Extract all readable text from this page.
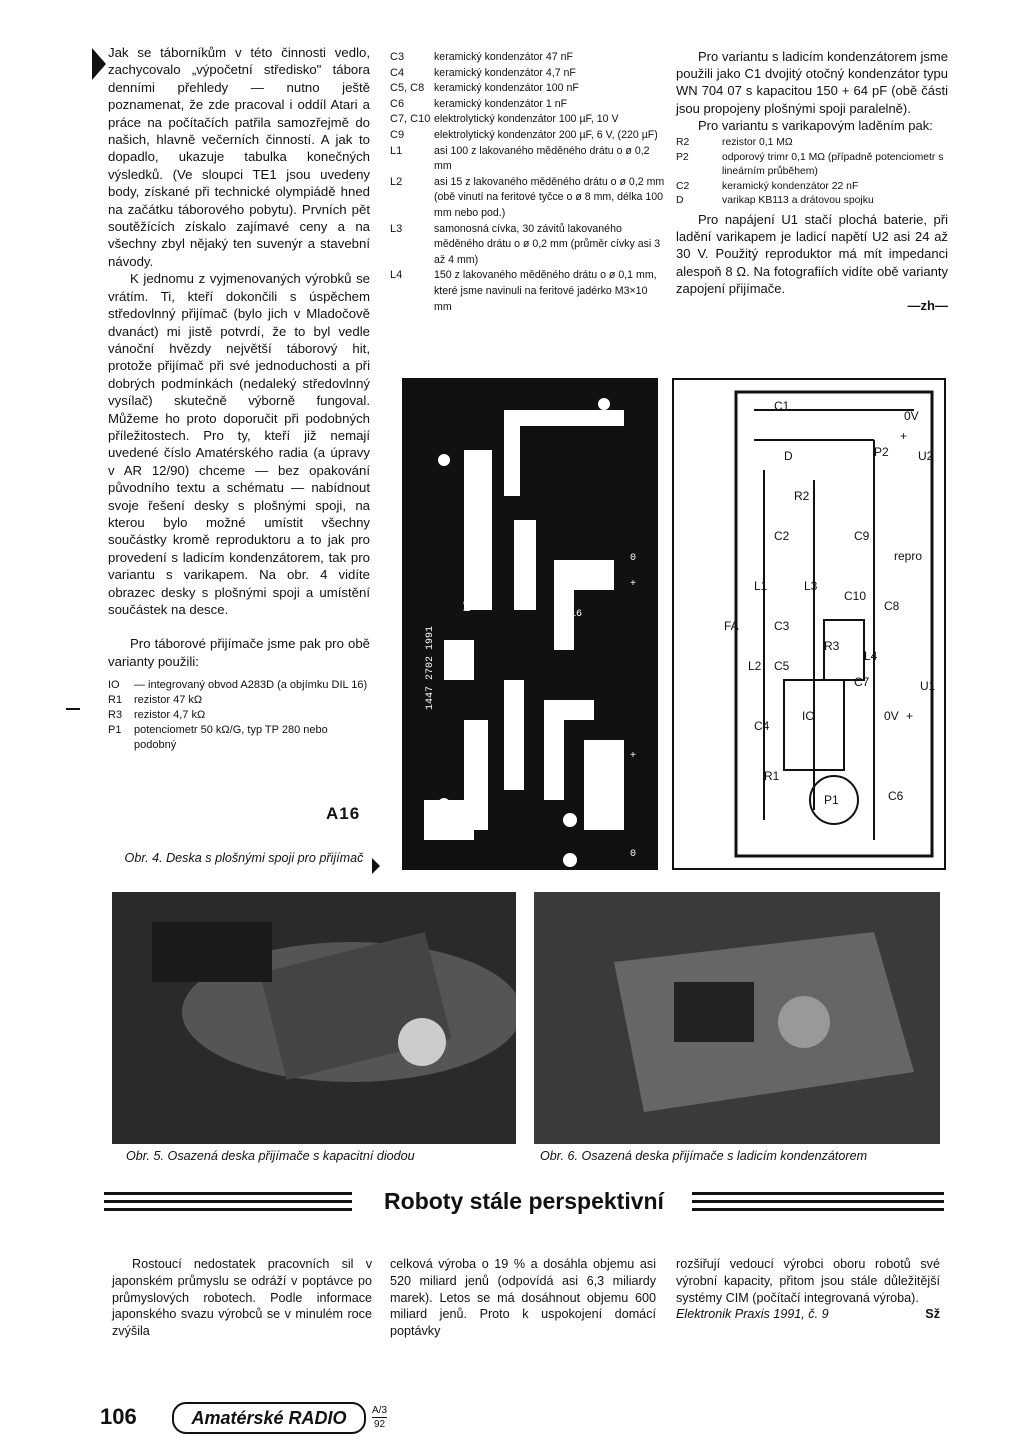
Jak se táborníkům v této činnosti vedlo, zachycovalo „výpočetní středisko" tábora denními přehledy — nutno ještě poznamenat, že zde pracoval i oddíl Atari a práce na počítačích patřila samozřejmě do našich, hlavně večerních činností. A jak to dopadlo, ukazuje tabulka konečných výsledků. (Ve sloupci TE1 jsou uvedeny body, získané při technické olympiádě hned na začátku táborového pobytu). Prvních pět soutěžících získalo zajímavé ceny a na všechny zbyl nějaký ten suvenýr a stavební návody.

K jednomu z vyjmenovaných výrobků se vrátím. Ti, kteří dokončili s úspěchem středovlnný přijímač (bylo jich v Mladočově dvanáct) mi jistě potvrdí, že to byl vedle vánoční hvězdy největší táborový hit, protože přijímač při své jednoduchosti a při dobrých podmínkách (nedaleký středovlnný vysílač) skutečně výborně fungoval. Můžeme ho proto doporučit při podobných příležitostech. Pro ty, kteří již nemají uvedené číslo Amatérského radia (a úpravy v AR 12/90) chceme — bez opakování původního textu a schématu — nabídnout svoje řešení desky s plošnými spoji, na kterou bylo možné umístit všechny součástky kromě reproduktoru a to jak pro provedení s ladicím kondenzátorem, tak pro variantu s varikapem. Na obr. 4 vidíte obrazec desky s plošnými spoji a umístění součástek na desce.

Pro táborové přijímače jsme pak pro obě varianty použili:

IO	— integrovaný obvod A283D (a objímku DIL 16)
R1	rezistor 47 kΩ
R3	rezistor 4,7 kΩ
P1	potenciometr 50 kΩ/G, typ TP 280 nebo podobný
A16
Obr. 4. Deska s plošnými spoji pro přijímač
C3	keramický kondenzátor 47 nF
C4	keramický kondenzátor 4,7 nF
C5, C8	keramický kondenzátor 100 nF
C6	keramický kondenzátor 1 nF
C7, C10	elektrolytický kondenzátor 100 µF, 10 V
C9	elektrolytický kondenzátor 200 µF, 6 V, (220 µF)
L1	asi 100 z lakovaného měděného drátu o ø 0,2 mm
L2	asi 15 z lakovaného měděného drátu o ø 0,2 mm (obě vinutí na feritové tyčce o ø 8 mm, délka 100 mm nebo pod.)
L3	samonosná cívka, 30 závitů lakovaného měděného drátu o ø 0,2 mm (průměr cívky asi 3 až 4 mm)
L4	150 z lakovaného měděného drátu o ø 0,1 mm, které jsme navinuli na feritové jadérko M3×10 mm

Pro variantu s ladicím kondenzátorem jsme použili jako C1 dvojitý otočný kondenzátor typu WN 704 07 s kapacitou 150 + 64 pF (obě části jsou propojeny plošnými spoji paralelně).

Pro variantu s varikapovým laděním pak:

R2	rezistor 0,1 MΩ
P2	odporový trimr 0,1 MΩ (případně potenciometr s lineárním průběhem)
C2	keramický kondenzátor 22 nF
D	varikap KB113 a drátovou spojku

Pro napájení U1 stačí plochá baterie, při ladění varikapem je ladicí napětí U2 asi 24 až 30 V. Použitý reproduktor má mít impedanci alespoň 8 Ω. Na fotografiích vidíte obě varianty zapojení přijímače.

—zh—

1447 2702 1991
L2
L1
0
+
0
+
16
0
C1
0V
+
D	P2 U2
R2
C2	C9
repro
L1	L3
C10
C8
FA	C3
R3
L4
C5
C7
L2
IO
C4
R1
P1	C6
0V +
U1
Obr. 5. Osazená deska přijímače s kapacitní diodou	Obr. 6. Osazená deska přijímače s ladicím kondenzátorem
Roboty stále perspektivní

Rostoucí nedostatek pracovních sil v japonském průmyslu se odráží v poptávce po průmyslových robotech. Podle informace japonského svazu výrobců se v minulém roce zvýšila

celková výroba o 19 % a dosáhla objemu asi 520 miliard jenů (odpovídá asi 6,3 miliardy marek). Letos se má dosáhnout objemu 600 miliard jenů. Proto k uspokojení domácí poptávky

rozšiřují vedoucí výrobci oboru robotů své výrobní kapacity, přitom jsou stále důležitější systémy CIM (počítačí integrovaná výroba).

Elektronik Praxis 1991, č. 9	Sž
106	Amatérské RADIO	A/3
92
